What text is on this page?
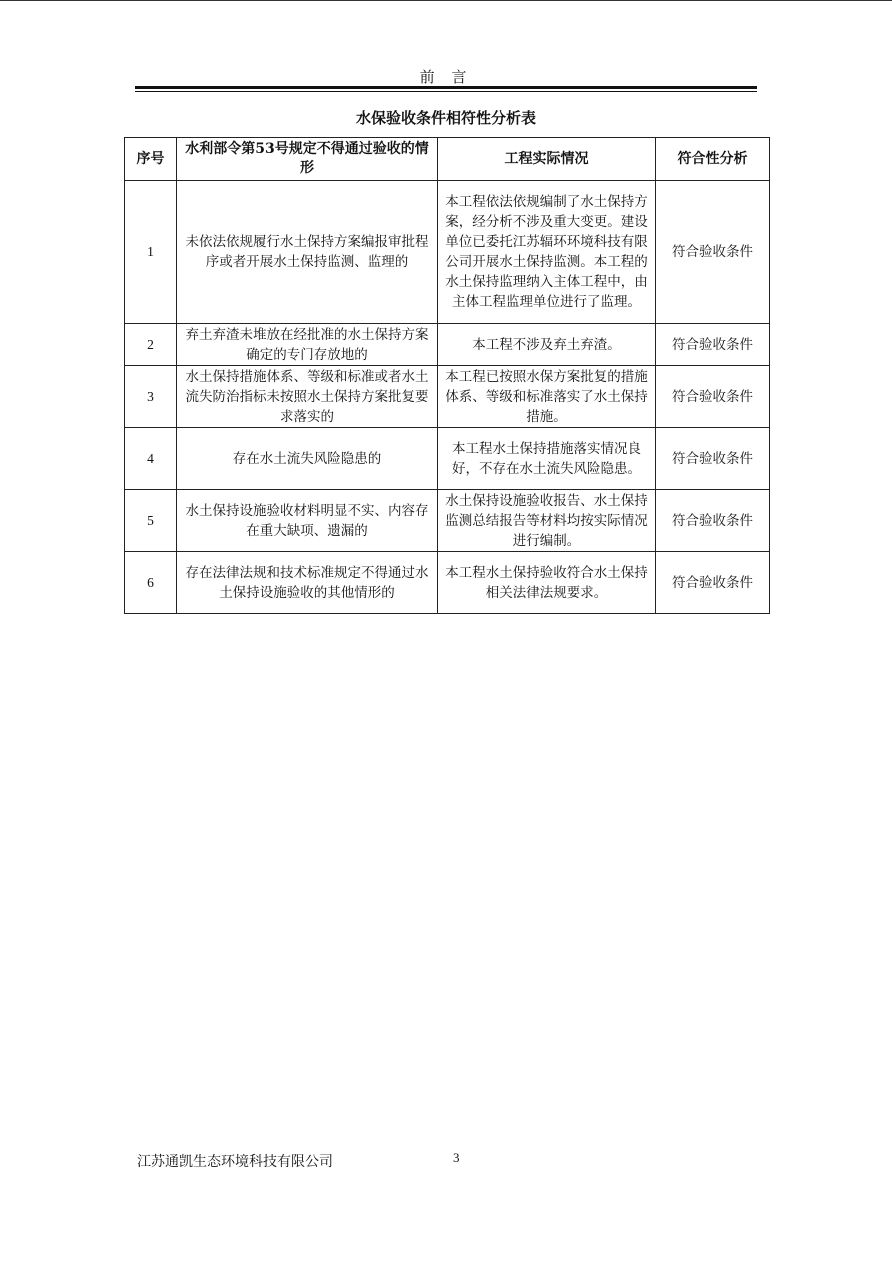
前 言
水保验收条件相符性分析表
序号	水利部令第53号规定不得通过验收的情形	工程实际情况	符合性分析
1	未依法依规履行水土保持方案编报审批程序或者开展水土保持监测、监理的	本工程依法依规编制了水土保持方案，经分析不涉及重大变更。建设单位已委托江苏辐环环境科技有限公司开展水土保持监测。本工程的水土保持监理纳入主体工程中，由主体工程监理单位进行了监理。	符合验收条件
2	弃土弃渣未堆放在经批准的水土保持方案确定的专门存放地的	本工程不涉及弃土弃渣。	符合验收条件
3	水土保持措施体系、等级和标准或者水土流失防治指标未按照水土保持方案批复要求落实的	本工程已按照水保方案批复的措施体系、等级和标准落实了水土保持措施。	符合验收条件
4	存在水土流失风险隐患的	本工程水土保持措施落实情况良好，不存在水土流失风险隐患。	符合验收条件
5	水土保持设施验收材料明显不实、内容存在重大缺项、遗漏的	水土保持设施验收报告、水土保持监测总结报告等材料均按实际情况进行编制。	符合验收条件
6	存在法律法规和技术标准规定不得通过水土保持设施验收的其他情形的	本工程水土保持验收符合水土保持相关法律法规要求。	符合验收条件
江苏通凯生态环境科技有限公司	3
